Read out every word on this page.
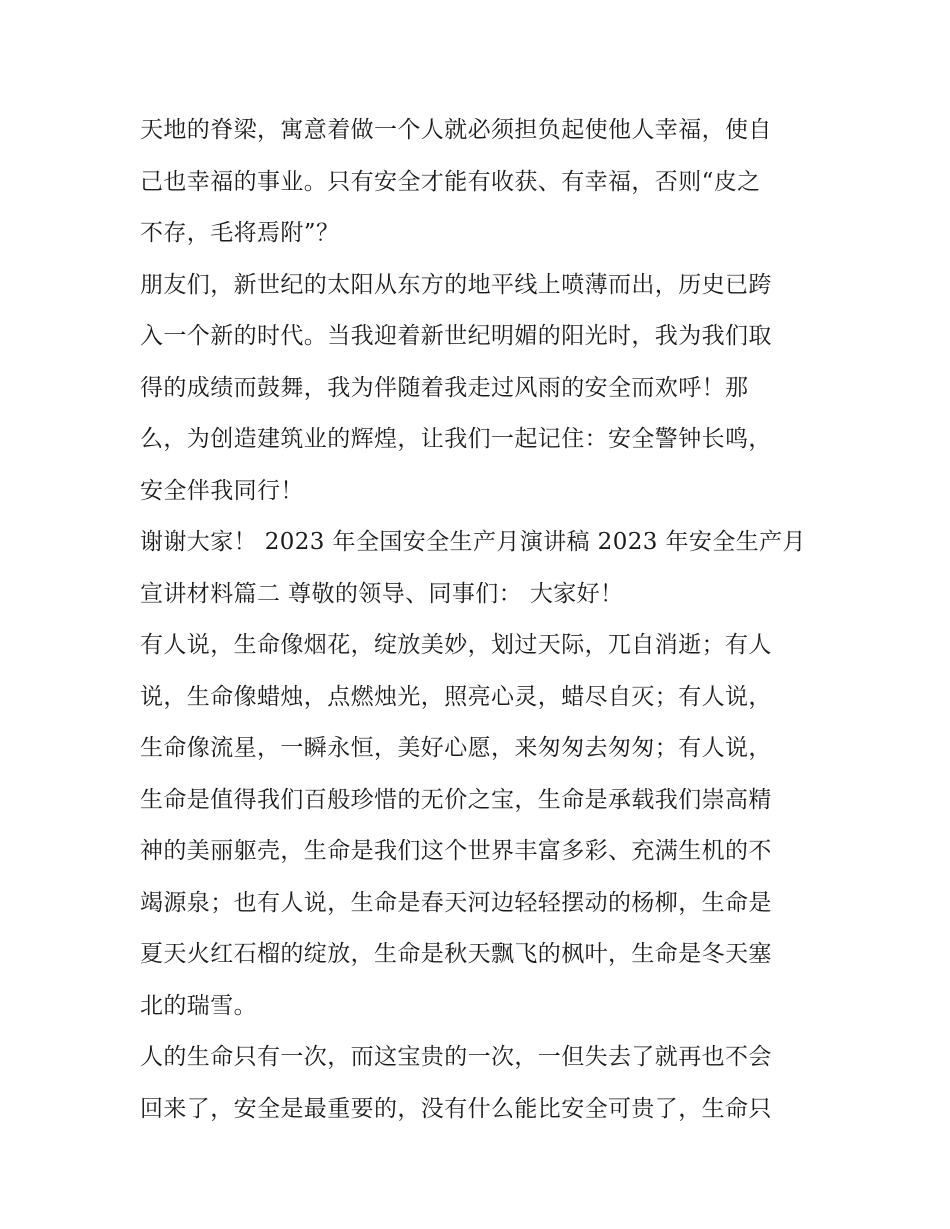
天地的脊梁，寓意着做一个人就必须担负起使他人幸福，使自
己也幸福的事业。只有安全才能有收获、有幸福，否则“皮之
不存，毛将焉附”？
朋友们，新世纪的太阳从东方的地平线上喷薄而出，历史已跨
入一个新的时代。当我迎着新世纪明媚的阳光时，我为我们取
得的成绩而鼓舞，我为伴随着我走过风雨的安全而欢呼！那
么，为创造建筑业的辉煌，让我们一起记住：安全警钟长鸣，
安全伴我同行！
谢谢大家！ 2023 年全国安全生产月演讲稿 2023 年安全生产月
宣讲材料篇二 尊敬的领导、同事们： 大家好！
有人说，生命像烟花，绽放美妙，划过天际，兀自消逝；有人
说，生命像蜡烛，点燃烛光，照亮心灵，蜡尽自灭；有人说，
生命像流星，一瞬永恒，美好心愿，来匆匆去匆匆；有人说，
生命是值得我们百般珍惜的无价之宝，生命是承载我们崇高精
神的美丽躯壳，生命是我们这个世界丰富多彩、充满生机的不
竭源泉；也有人说，生命是春天河边轻轻摆动的杨柳，生命是
夏天火红石榴的绽放，生命是秋天飘飞的枫叶，生命是冬天塞
北的瑞雪。
人的生命只有一次，而这宝贵的一次，一但失去了就再也不会
回来了，安全是最重要的，没有什么能比安全可贵了，生命只
